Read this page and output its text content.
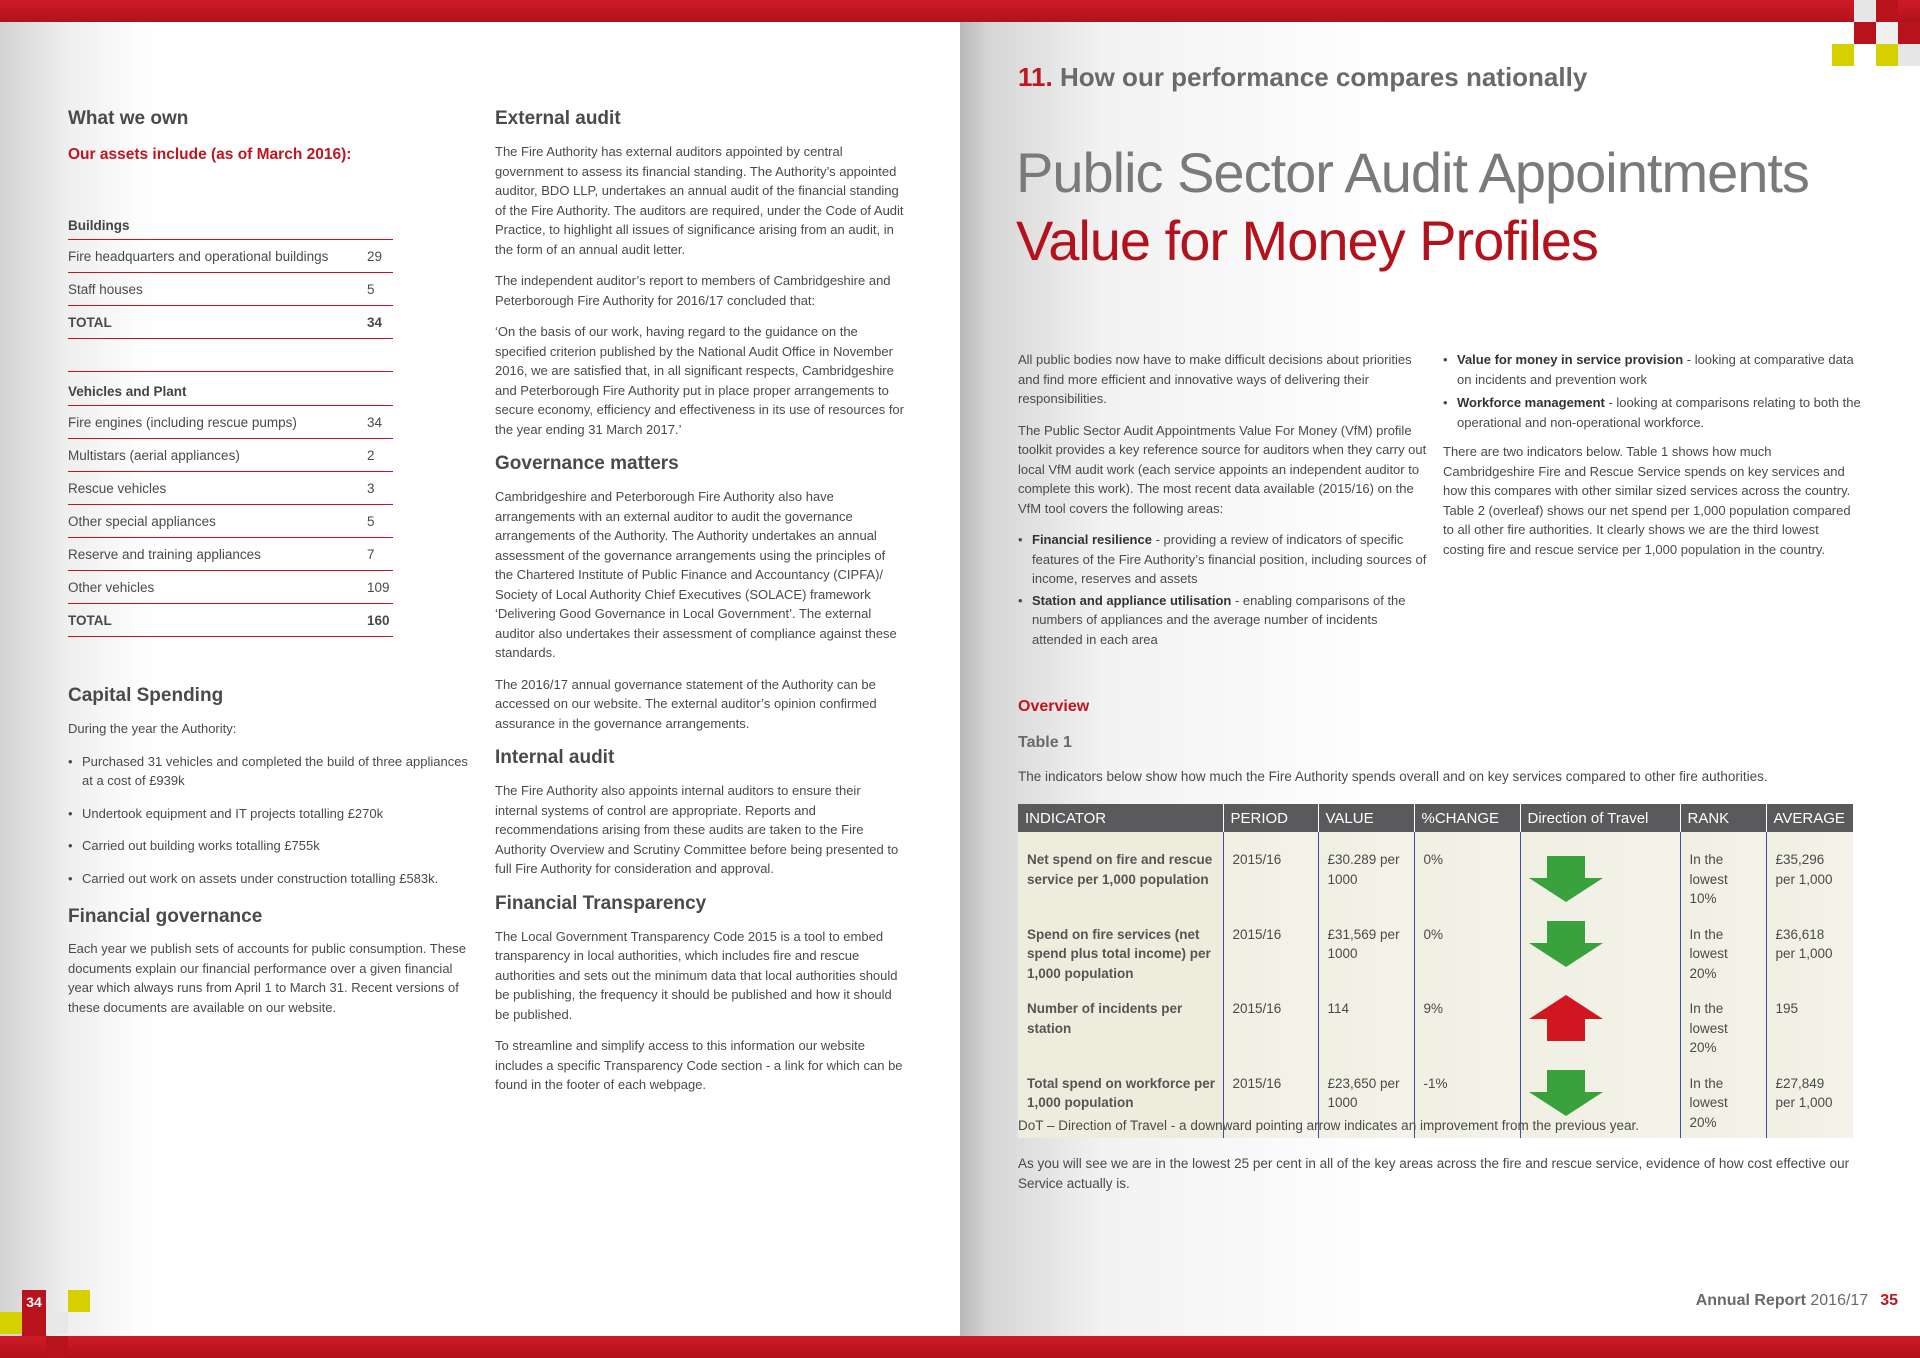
34
What we own
Our assets include (as of March 2016):
Buildings
Fire headquarters and operational buildings	29
Staff houses	5
TOTAL	34
Vehicles and Plant
Fire engines (including rescue pumps)	34
Multistars (aerial appliances)	2
Rescue vehicles	3
Other special appliances	5
Reserve and training appliances	7
Other vehicles	109
TOTAL	160
Capital Spending
During the year the Authority:
• Purchased 31 vehicles and completed the build of three appliances at a cost of £939k
• Undertook equipment and IT projects totalling £270k
• Carried out building works totalling £755k
• Carried out work on assets under construction totalling £583k.
Financial governance
Each year we publish sets of accounts for public consumption. These documents explain our financial performance over a given financial year which always runs from April 1 to March 31. Recent versions of these documents are available on our website.
External audit
The Fire Authority has external auditors appointed by central government to assess its financial standing. The Authority’s appointed auditor, BDO LLP, undertakes an annual audit of the financial standing of the Fire Authority. The auditors are required, under the Code of Audit Practice, to highlight all issues of significance arising from an audit, in the form of an annual audit letter.
The independent auditor’s report to members of Cambridgeshire and Peterborough Fire Authority for 2016/17 concluded that:
‘On the basis of our work, having regard to the guidance on the specified criterion published by the National Audit Office in November 2016, we are satisfied that, in all significant respects, Cambridgeshire and Peterborough Fire Authority put in place proper arrangements to secure economy, efficiency and effectiveness in its use of resources for the year ending 31 March 2017.’
Governance matters
Cambridgeshire and Peterborough Fire Authority also have arrangements with an external auditor to audit the governance arrangements of the Authority. The Authority undertakes an annual assessment of the governance arrangements using the principles of the Chartered Institute of Public Finance and Accountancy (CIPFA)/ Society of Local Authority Chief Executives (SOLACE) framework ‘Delivering Good Governance in Local Government’. The external auditor also undertakes their assessment of compliance against these standards.
The 2016/17 annual governance statement of the Authority can be accessed on our website. The external auditor’s opinion confirmed assurance in the governance arrangements.
Internal audit
The Fire Authority also appoints internal auditors to ensure their internal systems of control are appropriate. Reports and recommendations arising from these audits are taken to the Fire Authority Overview and Scrutiny Committee before being presented to full Fire Authority for consideration and approval.
Financial Transparency
The Local Government Transparency Code 2015 is a tool to embed transparency in local authorities, which includes fire and rescue authorities and sets out the minimum data that local authorities should be publishing, the frequency it should be published and how it should be published.
To streamline and simplify access to this information our website includes a specific Transparency Code section - a link for which can be found in the footer of each webpage.
11. How our performance compares nationally
Public Sector Audit Appointments
Value for Money Profiles
All public bodies now have to make difficult decisions about priorities and find more efficient and innovative ways of delivering their responsibilities.
The Public Sector Audit Appointments Value For Money (VfM) profile toolkit provides a key reference source for auditors when they carry out local VfM audit work (each service appoints an independent auditor to complete this work). The most recent data available (2015/16) on the VfM tool covers the following areas:
• Financial resilience - providing a review of indicators of specific features of the Fire Authority’s financial position, including sources of income, reserves and assets
• Station and appliance utilisation - enabling comparisons of the numbers of appliances and the average number of incidents attended in each area
• Value for money in service provision - looking at comparative data on incidents and prevention work
• Workforce management - looking at comparisons relating to both the operational and non-operational workforce.
There are two indicators below. Table 1 shows how much Cambridgeshire Fire and Rescue Service spends on key services and how this compares with other similar sized services across the country. Table 2 (overleaf) shows our net spend per 1,000 population compared to all other fire authorities. It clearly shows we are the third lowest costing fire and rescue service per 1,000 population in the country.
Overview
Table 1
The indicators below show how much the Fire Authority spends overall and on key services compared to other fire authorities.
INDICATOR	PERIOD	VALUE	%CHANGE	Direction of Travel	RANK	AVERAGE
Net spend on fire and rescue service per 1,000 population	2015/16	£30.289 per 1000	0%		In the lowest 10%	£35,296 per 1,000
Spend on fire services (net spend plus total income) per 1,000 population	2015/16	£31,569 per 1000	0%		In the lowest 20%	£36,618 per 1,000
Number of incidents per station	2015/16	114	9%		In the lowest 20%	195
Total spend on workforce per 1,000 population	2015/16	£23,650 per 1000	-1%		In the lowest 20%	£27,849 per 1,000
DoT – Direction of Travel - a downward pointing arrow indicates an improvement from the previous year.
As you will see we are in the lowest 25 per cent in all of the key areas across the fire and rescue service, evidence of how cost effective our Service actually is.
Annual Report 2016/17 35
